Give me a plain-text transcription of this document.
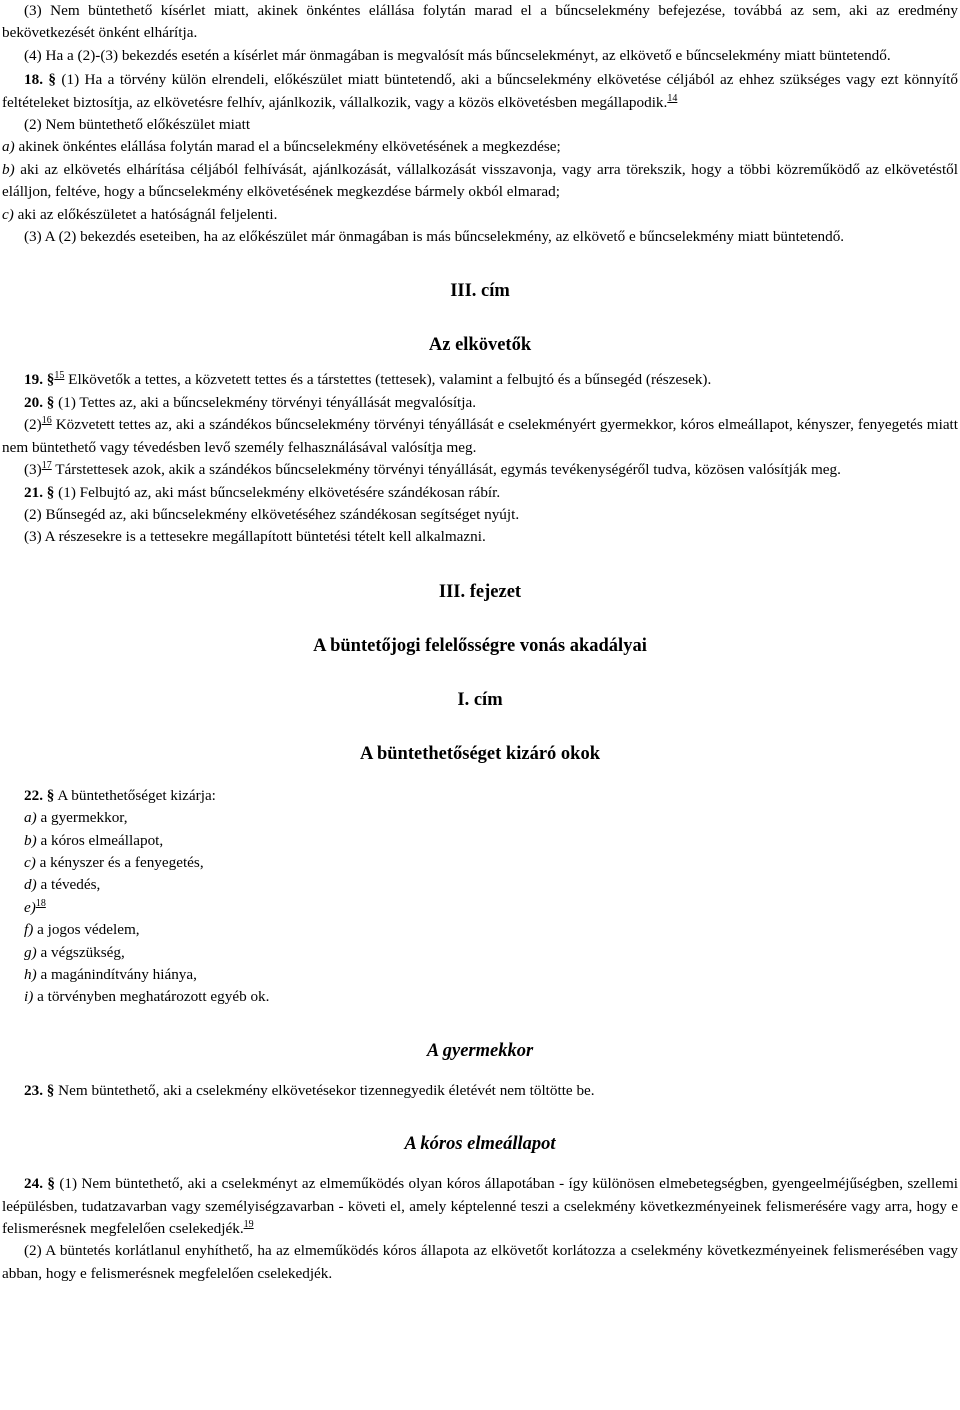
(3) Nem büntethető kísérlet miatt, akinek önkéntes elállása folytán marad el a bűncselekmény befejezése, továbbá az sem, aki az eredmény bekövetkezését önként elhárítja.

(4) Ha a (2)-(3) bekezdés esetén a kísérlet már önmagában is megvalósít más bűncselekményt, az elkövető e bűncselekmény miatt büntetendő.

18. § (1) Ha a törvény külön elrendeli, előkészület miatt büntetendő, aki a bűncselekmény elkövetése céljából az ehhez szükséges vagy ezt könnyítő feltételeket biztosítja, az elkövetésre felhív, ajánlkozik, vállalkozik, vagy a közös elkövetésben megállapodik.$^{14}$

(2) Nem büntethető előkészület miatt

a) akinek önkéntes elállása folytán marad el a bűncselekmény elkövetésének a megkezdése;

b) aki az elkövetés elhárítása céljából felhívását, ajánlkozását, vállalkozását visszavonja, vagy arra törekszik, hogy a többi közreműködő az elkövetéstől elálljon, feltéve, hogy a bűncselekmény elkövetésének megkezdése bármely okból elmarad;

c) aki az előkészületet a hatóságnál feljelenti.

(3) A (2) bekezdés eseteiben, ha az előkészület már önmagában is más bűncselekmény, az elkövető e bűncselekmény miatt büntetendő.

III. cím
Az elkövetők

19. §$^{15}$ Elkövetők a tettes, a közvetett tettes és a társtettes (tettesek), valamint a felbujtó és a bűnsegéd (részesek).

20. § (1) Tettes az, aki a bűncselekmény törvényi tényállását megvalósítja.

(2)$^{16}$ Közvetett tettes az, aki a szándékos bűncselekmény törvényi tényállását e cselekményért gyermekkor, kóros elmeállapot, kényszer, fenyegetés miatt nem büntethető vagy tévedésben levő személy felhasználásával valósítja meg.

(3)$^{17}$ Társtettesek azok, akik a szándékos bűncselekmény törvényi tényállását, egymás tevékenységéről tudva, közösen valósítják meg.

21. § (1) Felbujtó az, aki mást bűncselekmény elkövetésére szándékosan rábír.

(2) Bűnsegéd az, aki bűncselekmény elkövetéséhez szándékosan segítséget nyújt.

(3) A részesekre is a tettesekre megállapított büntetési tételt kell alkalmazni.

III. fejezet
A büntetőjogi felelősségre vonás akadályai
I. cím
A büntethetőséget kizáró okok

22. § A büntethetőséget kizárja:

a) a gyermekkor,

b) a kóros elmeállapot,

c) a kényszer és a fenyegetés,

d) a tévedés,

e)$^{18}$

f) a jogos védelem,

g) a végszükség,

h) a magánindítvány hiánya,

i) a törvényben meghatározott egyéb ok.

A gyermekkor

23. § Nem büntethető, aki a cselekmény elkövetésekor tizennegyedik életévét nem töltötte be.

A kóros elmeállapot

24. § (1) Nem büntethető, aki a cselekményt az elmeműködés olyan kóros állapotában - így különösen elmebetegségben, gyengeelméjűségben, szellemi leépülésben, tudatzavarban vagy személyiségzavarban - követi el, amely képtelenné teszi a cselekmény következményeinek felismerésére vagy arra, hogy e felismerésnek megfelelően cselekedjék.$^{19}$

(2) A büntetés korlátlanul enyhíthető, ha az elmeműködés kóros állapota az elkövetőt korlátozza a cselekmény következményeinek felismerésében vagy abban, hogy e felismerésnek megfelelően cselekedjék.
